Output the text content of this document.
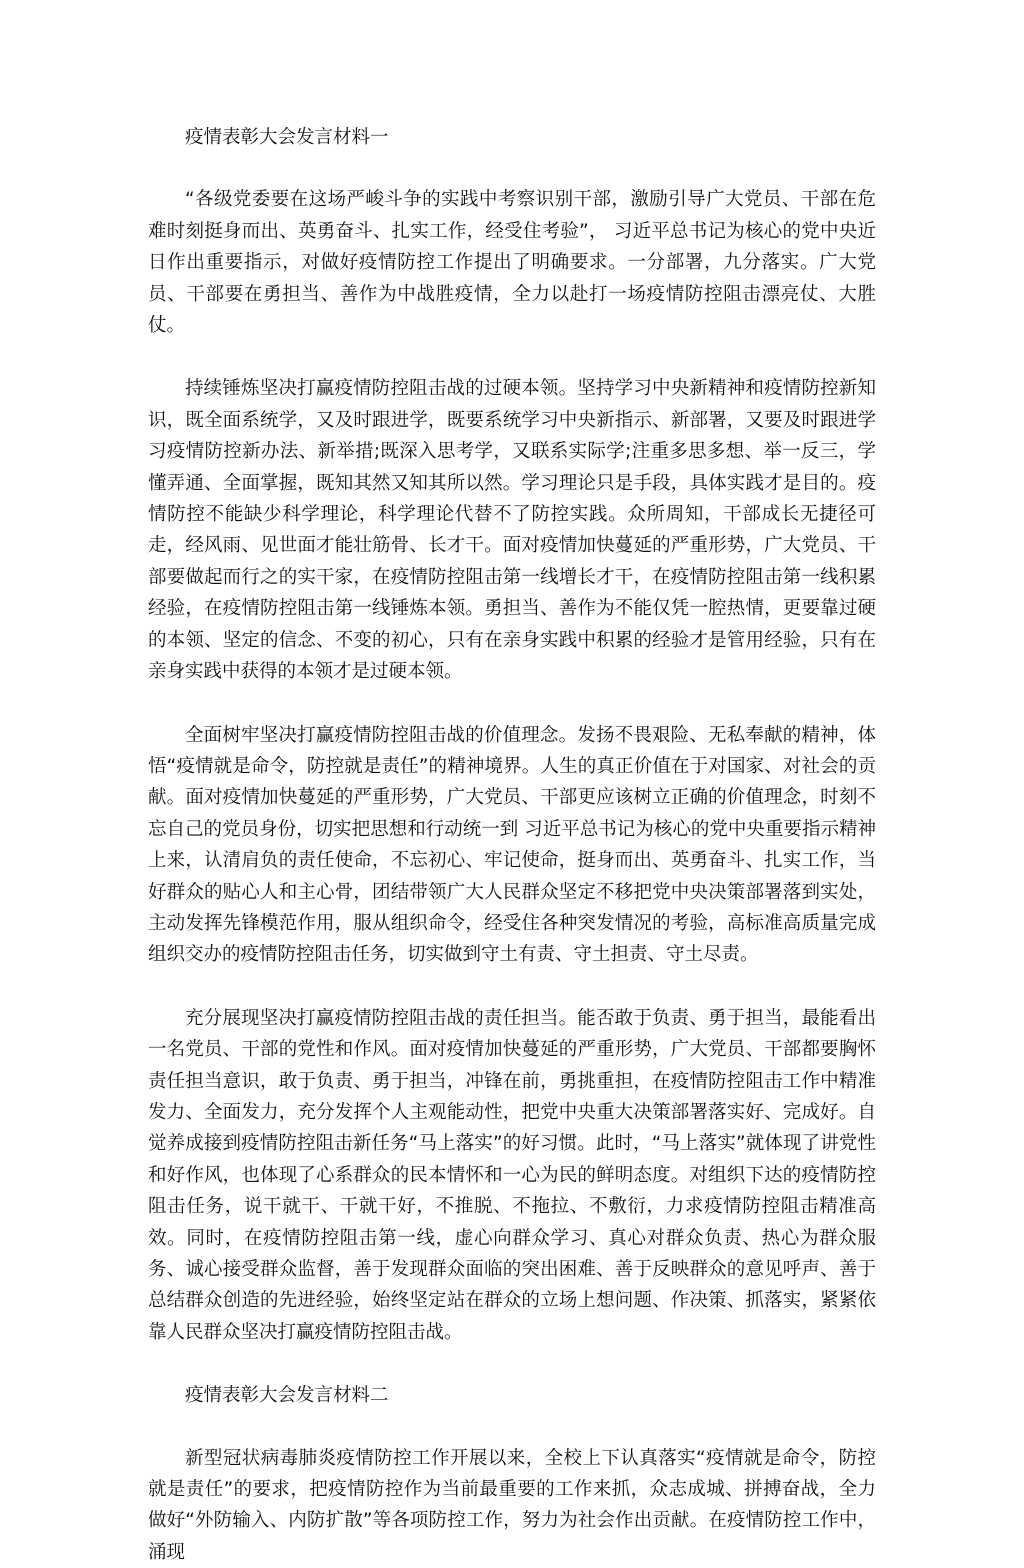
疫情表彰大会发言材料一

“各级党委要在这场严峻斗争的实践中考察识别干部，激励引导广大党员、干部在危难时刻挺身而出、英勇奋斗、扎实工作，经受住考验”， 习近平总书记为核心的党中央近日作出重要指示，对做好疫情防控工作提出了明确要求。一分部署，九分落实。广大党员、干部要在勇担当、善作为中战胜疫情，全力以赴打一场疫情防控阻击漂亮仗、大胜仗。

持续锤炼坚决打赢疫情防控阻击战的过硬本领。坚持学习中央新精神和疫情防控新知识，既全面系统学，又及时跟进学，既要系统学习中央新指示、新部署，又要及时跟进学习疫情防控新办法、新举措;既深入思考学，又联系实际学;注重多思多想、举一反三，学懂弄通、全面掌握，既知其然又知其所以然。学习理论只是手段，具体实践才是目的。疫情防控不能缺少科学理论，科学理论代替不了防控实践。众所周知，干部成长无捷径可走，经风雨、见世面才能壮筋骨、长才干。面对疫情加快蔓延的严重形势，广大党员、干部要做起而行之的实干家，在疫情防控阻击第一线增长才干，在疫情防控阻击第一线积累经验，在疫情防控阻击第一线锤炼本领。勇担当、善作为不能仅凭一腔热情，更要靠过硬的本领、坚定的信念、不变的初心，只有在亲身实践中积累的经验才是管用经验，只有在亲身实践中获得的本领才是过硬本领。

全面树牢坚决打赢疫情防控阻击战的价值理念。发扬不畏艰险、无私奉献的精神，体悟“疫情就是命令，防控就是责任”的精神境界。人生的真正价值在于对国家、对社会的贡献。面对疫情加快蔓延的严重形势，广大党员、干部更应该树立正确的价值理念，时刻不忘自己的党员身份，切实把思想和行动统一到 习近平总书记为核心的党中央重要指示精神上来，认清肩负的责任使命，不忘初心、牢记使命，挺身而出、英勇奋斗、扎实工作，当好群众的贴心人和主心骨，团结带领广大人民群众坚定不移把党中央决策部署落到实处，主动发挥先锋模范作用，服从组织命令，经受住各种突发情况的考验，高标准高质量完成组织交办的疫情防控阻击任务，切实做到守土有责、守土担责、守土尽责。

充分展现坚决打赢疫情防控阻击战的责任担当。能否敢于负责、勇于担当，最能看出一名党员、干部的党性和作风。面对疫情加快蔓延的严重形势，广大党员、干部都要胸怀责任担当意识，敢于负责、勇于担当，冲锋在前，勇挑重担，在疫情防控阻击工作中精准发力、全面发力，充分发挥个人主观能动性，把党中央重大决策部署落实好、完成好。自觉养成接到疫情防控阻击新任务“马上落实”的好习惯。此时，“马上落实”就体现了讲党性和好作风，也体现了心系群众的民本情怀和一心为民的鲜明态度。对组织下达的疫情防控阻击任务，说干就干、干就干好，不推脱、不拖拉、不敷衍，力求疫情防控阻击精准高效。同时，在疫情防控阻击第一线，虚心向群众学习、真心对群众负责、热心为群众服务、诚心接受群众监督，善于发现群众面临的突出困难、善于反映群众的意见呼声、善于总结群众创造的先进经验，始终坚定站在群众的立场上想问题、作决策、抓落实，紧紧依靠人民群众坚决打赢疫情防控阻击战。

疫情表彰大会发言材料二

新型冠状病毒肺炎疫情防控工作开展以来，全校上下认真落实“疫情就是命令，防控就是责任”的要求，把疫情防控作为当前最重要的工作来抓，众志成城、拼搏奋战，全力做好“外防输入、内防扩散”等各项防控工作，努力为社会作出贡献。在疫情防控工作中，涌现
